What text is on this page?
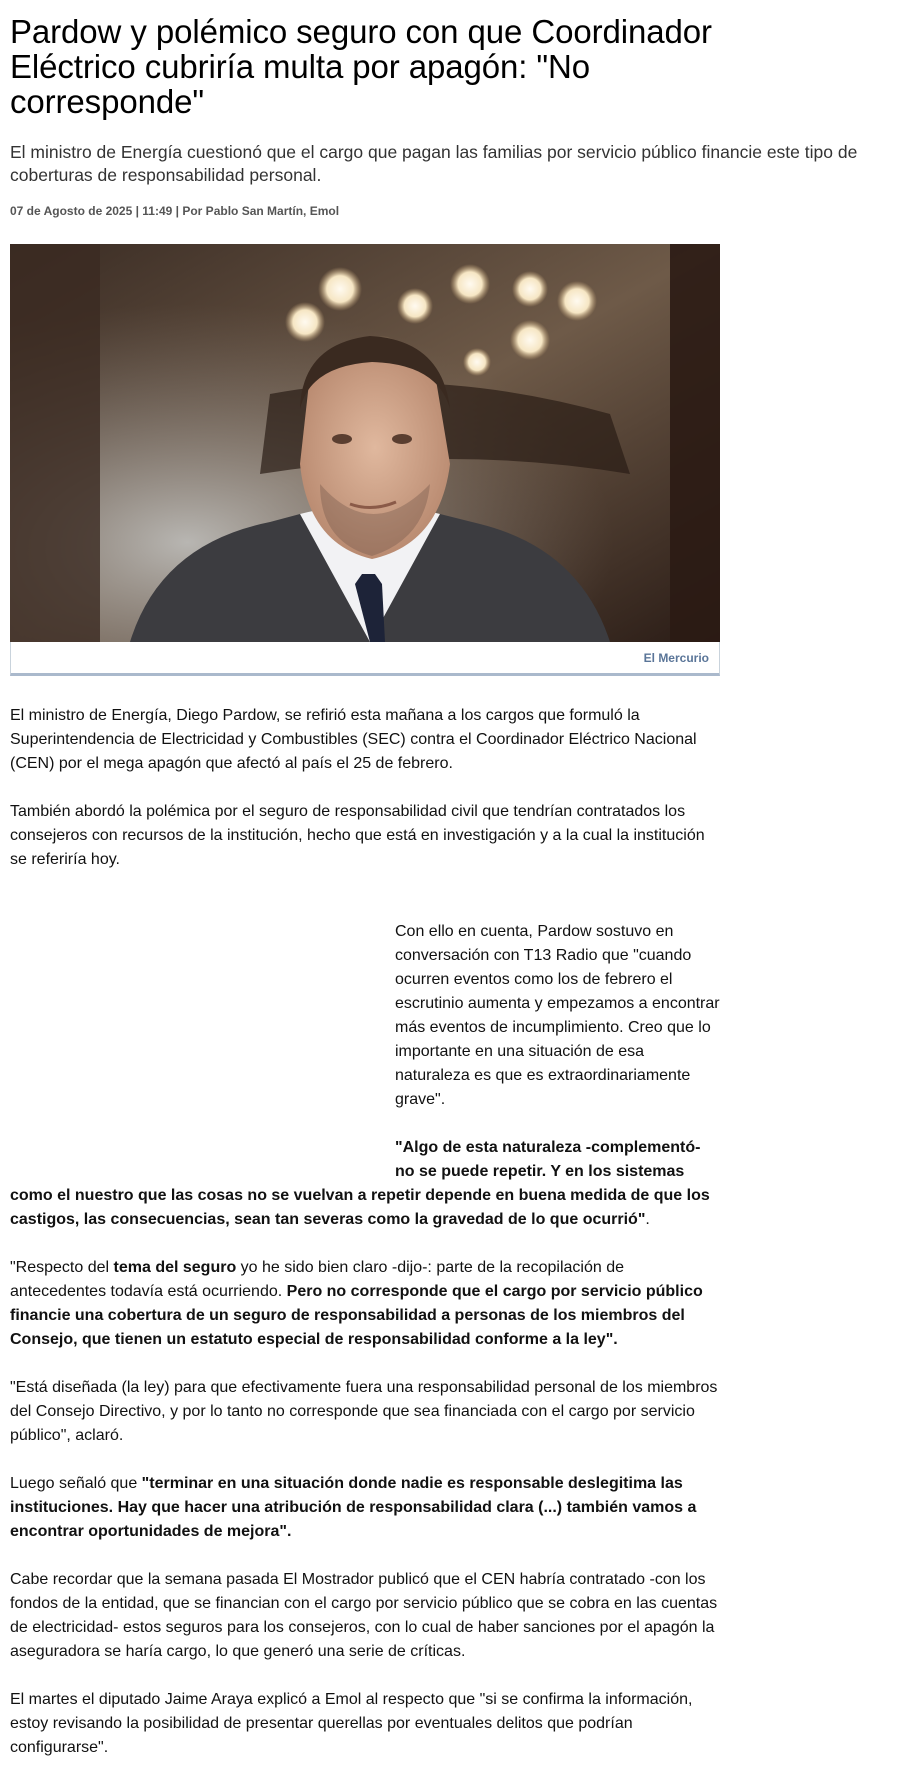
Pardow y polémico seguro con que Coordinador Eléctrico cubriría multa por apagón: "No corresponde"
El ministro de Energía cuestionó que el cargo que pagan las familias por servicio público financie este tipo de coberturas de responsabilidad personal.
07 de Agosto de 2025 | 11:49 | Por Pablo San Martín, Emol
El Mercurio

El ministro de Energía, Diego Pardow, se refirió esta mañana a los cargos que formuló la Superintendencia de Electricidad y Combustibles (SEC) contra el Coordinador Eléctrico Nacional (CEN) por el mega apagón que afectó al país el 25 de febrero.

También abordó la polémica por el seguro de responsabilidad civil que tendrían contratados los consejeros con recursos de la institución, hecho que está en investigación y a la cual la institución se referiría hoy.

Con ello en cuenta, Pardow sostuvo en conversación con T13 Radio que "cuando ocurren eventos como los de febrero el escrutinio aumenta y empezamos a encontrar más eventos de incumplimiento. Creo que lo importante en una situación de esa naturaleza es que es extraordinariamente grave".

"Algo de esta naturaleza -complementó- no se puede repetir. Y en los sistemas como el nuestro que las cosas no se vuelvan a repetir depende en buena medida de que los castigos, las consecuencias, sean tan severas como la gravedad de lo que ocurrió".

"Respecto del tema del seguro yo he sido bien claro -dijo-: parte de la recopilación de antecedentes todavía está ocurriendo. Pero no corresponde que el cargo por servicio público financie una cobertura de un seguro de responsabilidad a personas de los miembros del Consejo, que tienen un estatuto especial de responsabilidad conforme a la ley".

"Está diseñada (la ley) para que efectivamente fuera una responsabilidad personal de los miembros del Consejo Directivo, y por lo tanto no corresponde que sea financiada con el cargo por servicio público", aclaró.

Luego señaló que "terminar en una situación donde nadie es responsable deslegitima las instituciones. Hay que hacer una atribución de responsabilidad clara (...) también vamos a encontrar oportunidades de mejora".

Cabe recordar que la semana pasada El Mostrador publicó que el CEN habría contratado -con los fondos de la entidad, que se financian con el cargo por servicio público que se cobra en las cuentas de electricidad- estos seguros para los consejeros, con lo cual de haber sanciones por el apagón la aseguradora se haría cargo, lo que generó una serie de críticas.

El martes el diputado Jaime Araya explicó a Emol al respecto que "si se confirma la información, estoy revisando la posibilidad de presentar querellas por eventuales delitos que podrían configurarse".
